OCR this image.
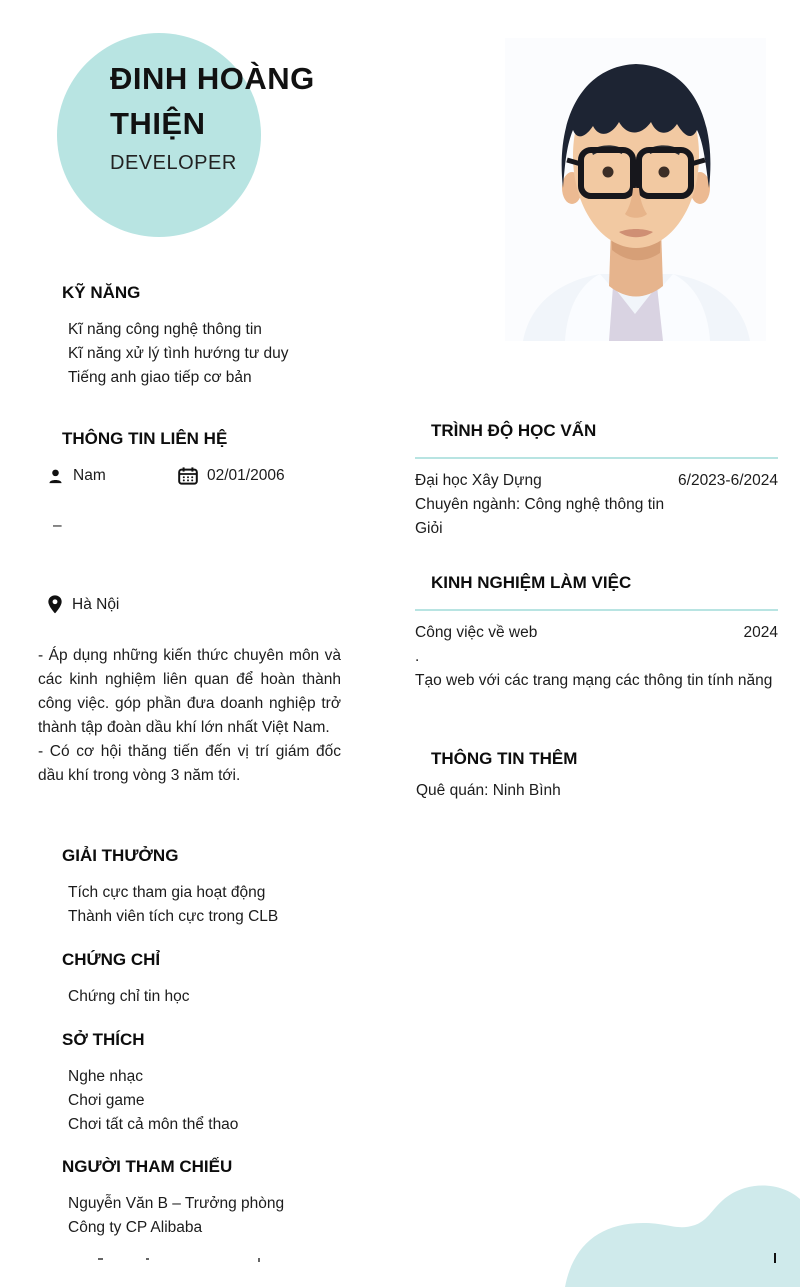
ĐINH HOÀNG THIỆN
DEVELOPER
KỸ NĂNG
Kĩ năng công nghệ thông tin
Kĩ năng xử lý tình hướng tư duy
Tiếng anh giao tiếp cơ bản
THÔNG TIN LIÊN HỆ
Nam	02/01/2006
–
Hà Nội

- Áp dụng những kiến thức chuyên môn và các kinh nghiệm liên quan để hoàn thành công việc. góp phần đưa doanh nghiệp trở thành tập đoàn dầu khí lớn nhất Việt Nam.

- Có cơ hội thăng tiến đến vị trí giám đốc dầu khí trong vòng 3 năm tới.

GIẢI THƯỞNG
Tích cực tham gia hoạt động
Thành viên tích cực trong CLB
CHỨNG CHỈ
Chứng chỉ tin học
SỞ THÍCH
Nghe nhạc
Chơi game
Chơi tất cả môn thể thao
NGƯỜI THAM CHIẾU
Nguyễn Văn B – Trưởng phòng
Công ty CP Alibaba
TRÌNH ĐỘ HỌC VẤN
Đại học Xây Dựng	6/2023-6/2024
Chuyên ngành: Công nghệ thông tin
Giỏi
KINH NGHIỆM LÀM VIỆC
Công việc về web	2024
.
Tạo web với các trang mạng các thông tin tính năng
THÔNG TIN THÊM
Quê quán: Ninh Bình
